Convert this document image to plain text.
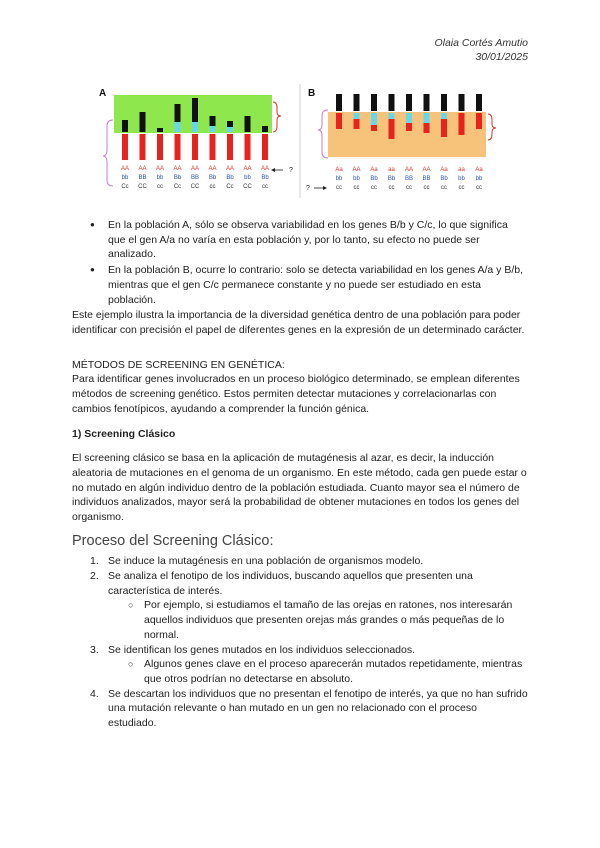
Olaia Cortés Amutio
30/01/2025
A	B
AA
bb
Cc
AA
BB
CC
AA
bb
cc
AA
Bb
Cc
AA
BB
CC
AA
Bb
cc
AA
Bb
Cc
AA
bb
CC
AA
Bb
cc
?	Aa
bb
cc
AA
bb
cc
Aa
Bb
cc
aa
Bb
cc
AA
BB
cc
AA
BB
cc
Aa
Bb
cc
aa
bb
cc
Aa
bb
cc
?
● En la población A, sólo se observa variabilidad en los genes B/b y C/c, lo que significa que el gen A/a no varía en esta población y, por lo tanto, su efecto no puede ser analizado.
● En la población B, ocurre lo contrario: solo se detecta variabilidad en los genes A/a y B/b, mientras que el gen C/c permanece constante y no puede ser estudiado en esta población.

Este ejemplo ilustra la importancia de la diversidad genética dentro de una población para poder identificar con precisión el papel de diferentes genes en la expresión de un determinado carácter.

MÉTODOS DE SCREENING EN GENÉTICA:

Para identificar genes involucrados en un proceso biológico determinado, se emplean diferentes métodos de screening genético. Estos permiten detectar mutaciones y correlacionarlas con cambios fenotípicos, ayudando a comprender la función génica.

1) Screening Clásico

El screening clásico se basa en la aplicación de mutagénesis al azar, es decir, la inducción aleatoria de mutaciones en el genoma de un organismo. En este método, cada gen puede estar o no mutado en algún individuo dentro de la población estudiada. Cuanto mayor sea el número de individuos analizados, mayor será la probabilidad de obtener mutaciones en todos los genes del organismo.

Proceso del Screening Clásico:
1. Se induce la mutagénesis en una población de organismos modelo.
2. Se analiza el fenotipo de los individuos, buscando aquellos que presenten una característica de interés.
○ Por ejemplo, si estudiamos el tamaño de las orejas en ratones, nos interesarán aquellos individuos que presenten orejas más grandes o más pequeñas de lo normal.
3. Se identifican los genes mutados en los individuos seleccionados.
○ Algunos genes clave en el proceso aparecerán mutados repetidamente, mientras que otros podrían no detectarse en absoluto.
4. Se descartan los individuos que no presentan el fenotipo de interés, ya que no han sufrido una mutación relevante o han mutado en un gen no relacionado con el proceso estudiado.
